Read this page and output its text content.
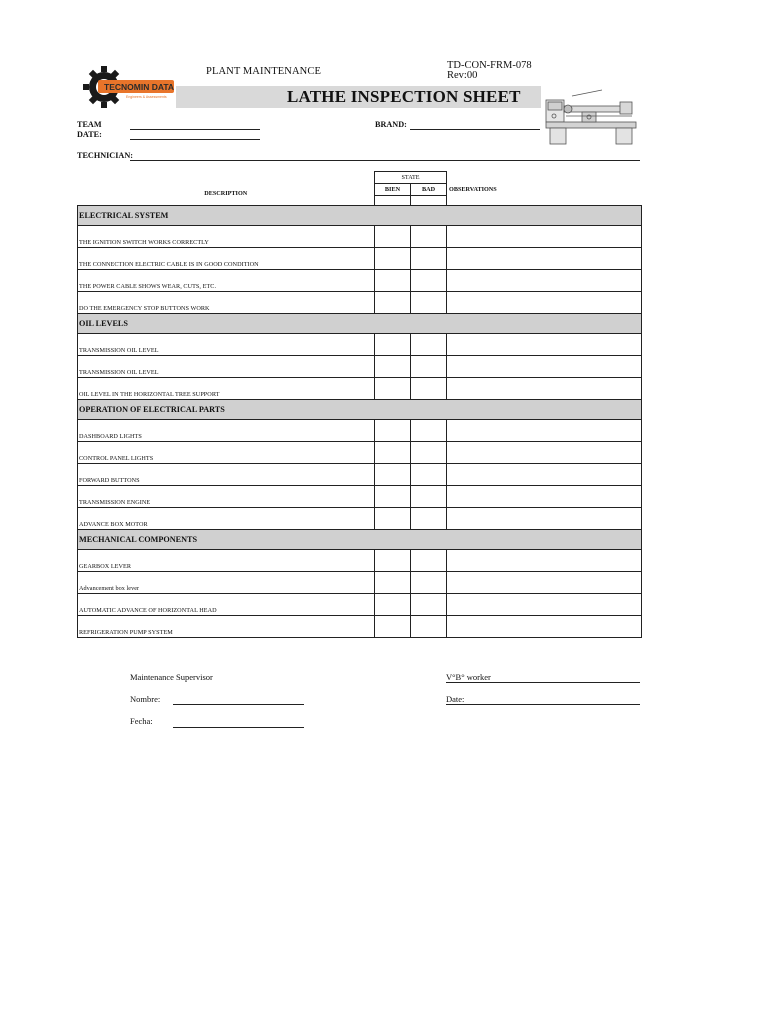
TECNOMIN DATA
Engineers & Assessments
PLANT MAINTENANCE
TD-CON-FRM-078
Rev:00
LATHE INSPECTION SHEET
TEAM
DATE:
BRAND:
TECHNICIAN:
DESCRIPTION	STATE		
	BIEN	BAD	OBSERVATIONS

ELECTRICAL SYSTEM			
THE IGNITION SWITCH WORKS CORRECTLY			
THE CONNECTION ELECTRIC CABLE IS IN GOOD CONDITION			
THE POWER CABLE SHOWS WEAR, CUTS, ETC.			
DO THE EMERGENCY STOP BUTTONS WORK			
OIL LEVELS			
TRANSMISSION OIL LEVEL			
TRANSMISSION OIL LEVEL			
OIL LEVEL IN THE HORIZONTAL TREE SUPPORT			
OPERATION OF ELECTRICAL PARTS			
DASHBOARD LIGHTS			
CONTROL PANEL LIGHTS			
FORWARD BUTTONS			
TRANSMISSION ENGINE			
ADVANCE BOX MOTOR			
MECHANICAL COMPONENTS			
GEARBOX LEVER			
Advancement box lever			
AUTOMATIC ADVANCE OF HORIZONTAL HEAD			
REFRIGERATION PUMP SYSTEM			
Maintenance Supervisor
Nombre:
Fecha:
V°B° worker
Date:
